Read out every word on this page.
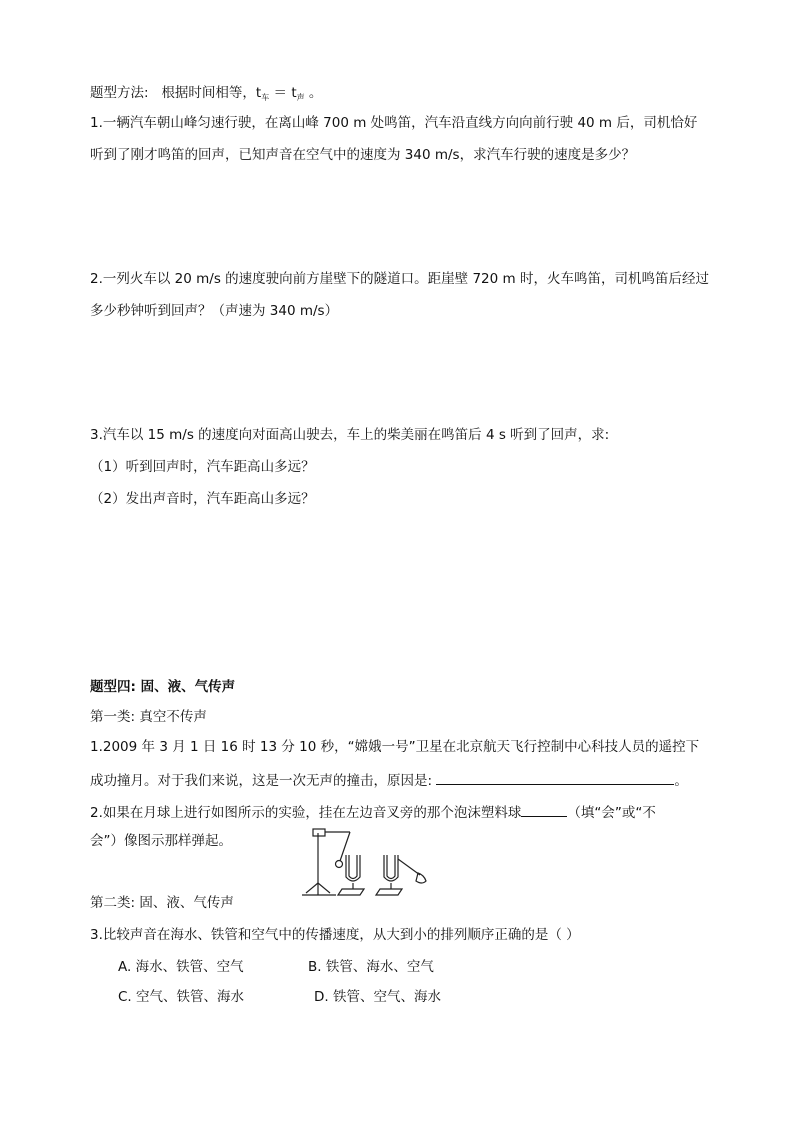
题型方法: 根据时间相等，$t_车 = t_声$ 。
1.一辆汽车朝山峰匀速行驶，在离山峰 700 m 处鸣笛，汽车沿直线方向向前行驶 40 m 后，司机恰好
听到了刚才鸣笛的回声，已知声音在空气中的速度为 340 m/s，求汽车行驶的速度是多少？
2.一列火车以 20 m/s 的速度驶向前方崖壁下的隧道口。距崖壁 720 m 时，火车鸣笛，司机鸣笛后经过
多少秒钟听到回声？（声速为 340 m/s）
3.汽车以 15 m/s 的速度向对面高山驶去，车上的柴美丽在鸣笛后 4 s 听到了回声，求:
（1）听到回声时，汽车距高山多远？
（2）发出声音时，汽车距高山多远？
题型四: 固、液、气传声
第一类: 真空不传声
1.2009 年 3 月 1 日 16 时 13 分 10 秒，“嫦娥一号”卫星在北京航天飞行控制中心科技人员的遥控下
成功撞月。对于我们来说，这是一次无声的撞击，原因是:	。
2.如果在月球上进行如图所示的实验，挂在左边音叉旁的那个泡沫塑料球	（填“会”或“不
会”）像图示那样弹起。
第二类: 固、液、气传声
3.比较声音在海水、铁管和空气中的传播速度，从大到小的排列顺序正确的是（ ）
A. 海水、铁管、空气	B. 铁管、海水、空气
C. 空气、铁管、海水	D. 铁管、空气、海水
